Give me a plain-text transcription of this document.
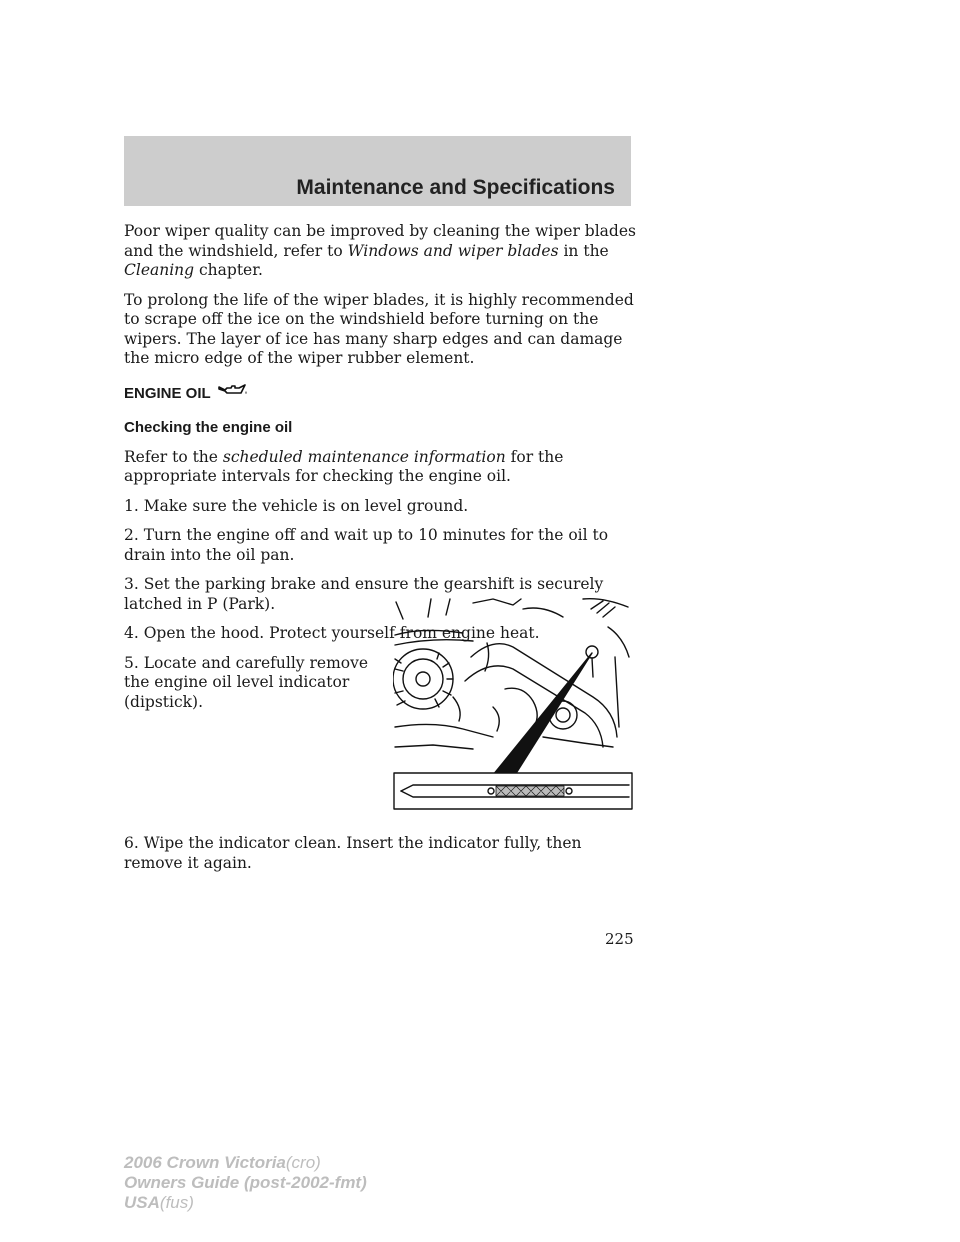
Maintenance and Specifications

Poor wiper quality can be improved by cleaning the wiper blades and the windshield, refer to Windows and wiper blades in the Cleaning chapter.

To prolong the life of the wiper blades, it is highly recommended to scrape off the ice on the windshield before turning on the wipers. The layer of ice has many sharp edges and can damage the micro edge of the wiper rubber element.

ENGINE OIL
Checking the engine oil

Refer to the scheduled maintenance information for the appropriate intervals for checking the engine oil.

1. Make sure the vehicle is on level ground.

2. Turn the engine off and wait up to 10 minutes for the oil to drain into the oil pan.

3. Set the parking brake and ensure the gearshift is securely latched in P (Park).

4. Open the hood. Protect yourself from engine heat.

5. Locate and carefully remove the engine oil level indicator (dipstick).

6. Wipe the indicator clean. Insert the indicator fully, then remove it again.

225
2006 Crown Victoria(cro)
Owners Guide (post-2002-fmt)
USA(fus)
